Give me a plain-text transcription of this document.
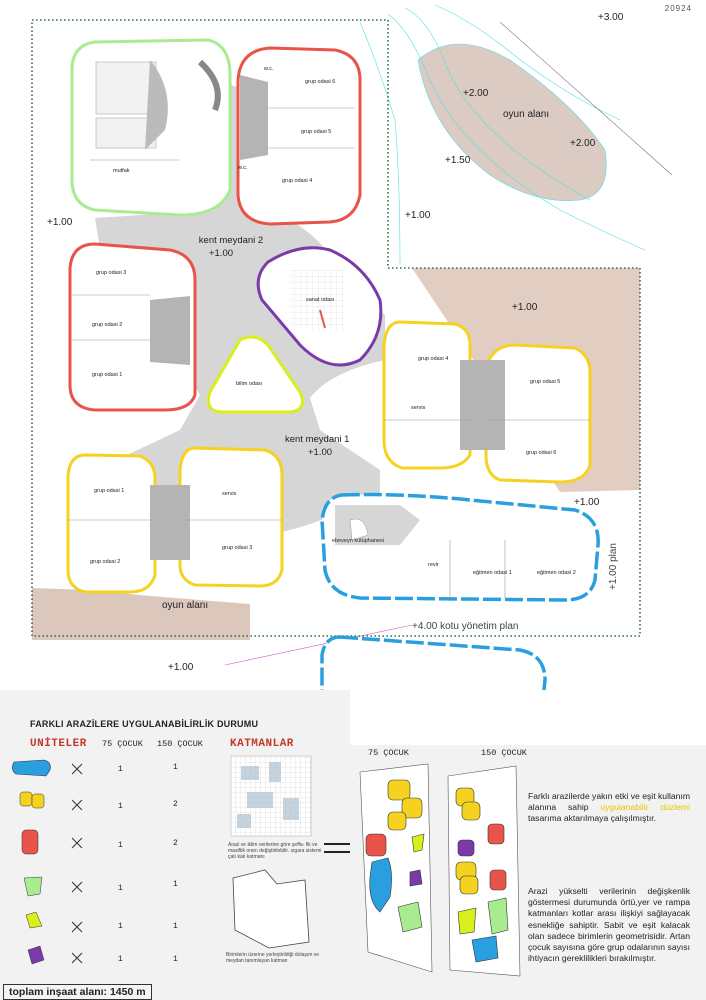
20924
+3.00
+2.00
+2.00
+1.50
oyun alanı
+1.00
+1.00
+1.00
+1.00
+1.00
kent meydani 2
+1.00
kent meydani 1
+1.00
sanat odası
bilim odası
mutfak
w.c.
w.c.
grup odasi 6
grup odasi 5
grup odasi 4
grup odasi 3
grup odasi 2
grup odasi 1
grup odasi 4
grup odasi 5
grup odasi 6
servis
grup odasi 1
grup odasi 2
grup odasi 3
servis
ebeveyn kütüphanesi
revir
eğitmen odasi 1	eğitmen odasi 2
oyun alanı
+4.00 kotu yönetim plan
+1.00 plan
FARKLI ARAZİLERE UYGULANABİLİRLİK DURUMU
UNİTELER 75 ÇOCUK 150 ÇOCUK KATMANLAR
1	1
1	2
1	2
1	1
1	1
1	1
Arazi ve iklim verilerine göre şeffa- fik ve masiftik oranı değiştirilebilir. ızgara sistemi çatı katı katmanı
Birimlerin üzerine yerleştirildiği dolaşım ve meydan tanımlayan katman
75 ÇOCUK	150 ÇOCUK
Farklı arazilerde yakın etki ve eşit kullanım alanına sahip uygulanabilir düzlemi tasarıma aktarılmaya çalışılmıştır.
Arazi yükselti verilerinin değişkenlik göstermesi durumunda örtü,yer ve rampa katmanları kotlar arası ilişkiyi sağlayacak esnekliğe sahiptir. Sabit ve eşit kalacak olan sadece birimlerin geometrisidir. Artan çocuk sayısına göre grup odalarının sayısı ihtiyacın gereklilikleri bırakılmıştır.
toplam inşaat alanı: 1450 m
